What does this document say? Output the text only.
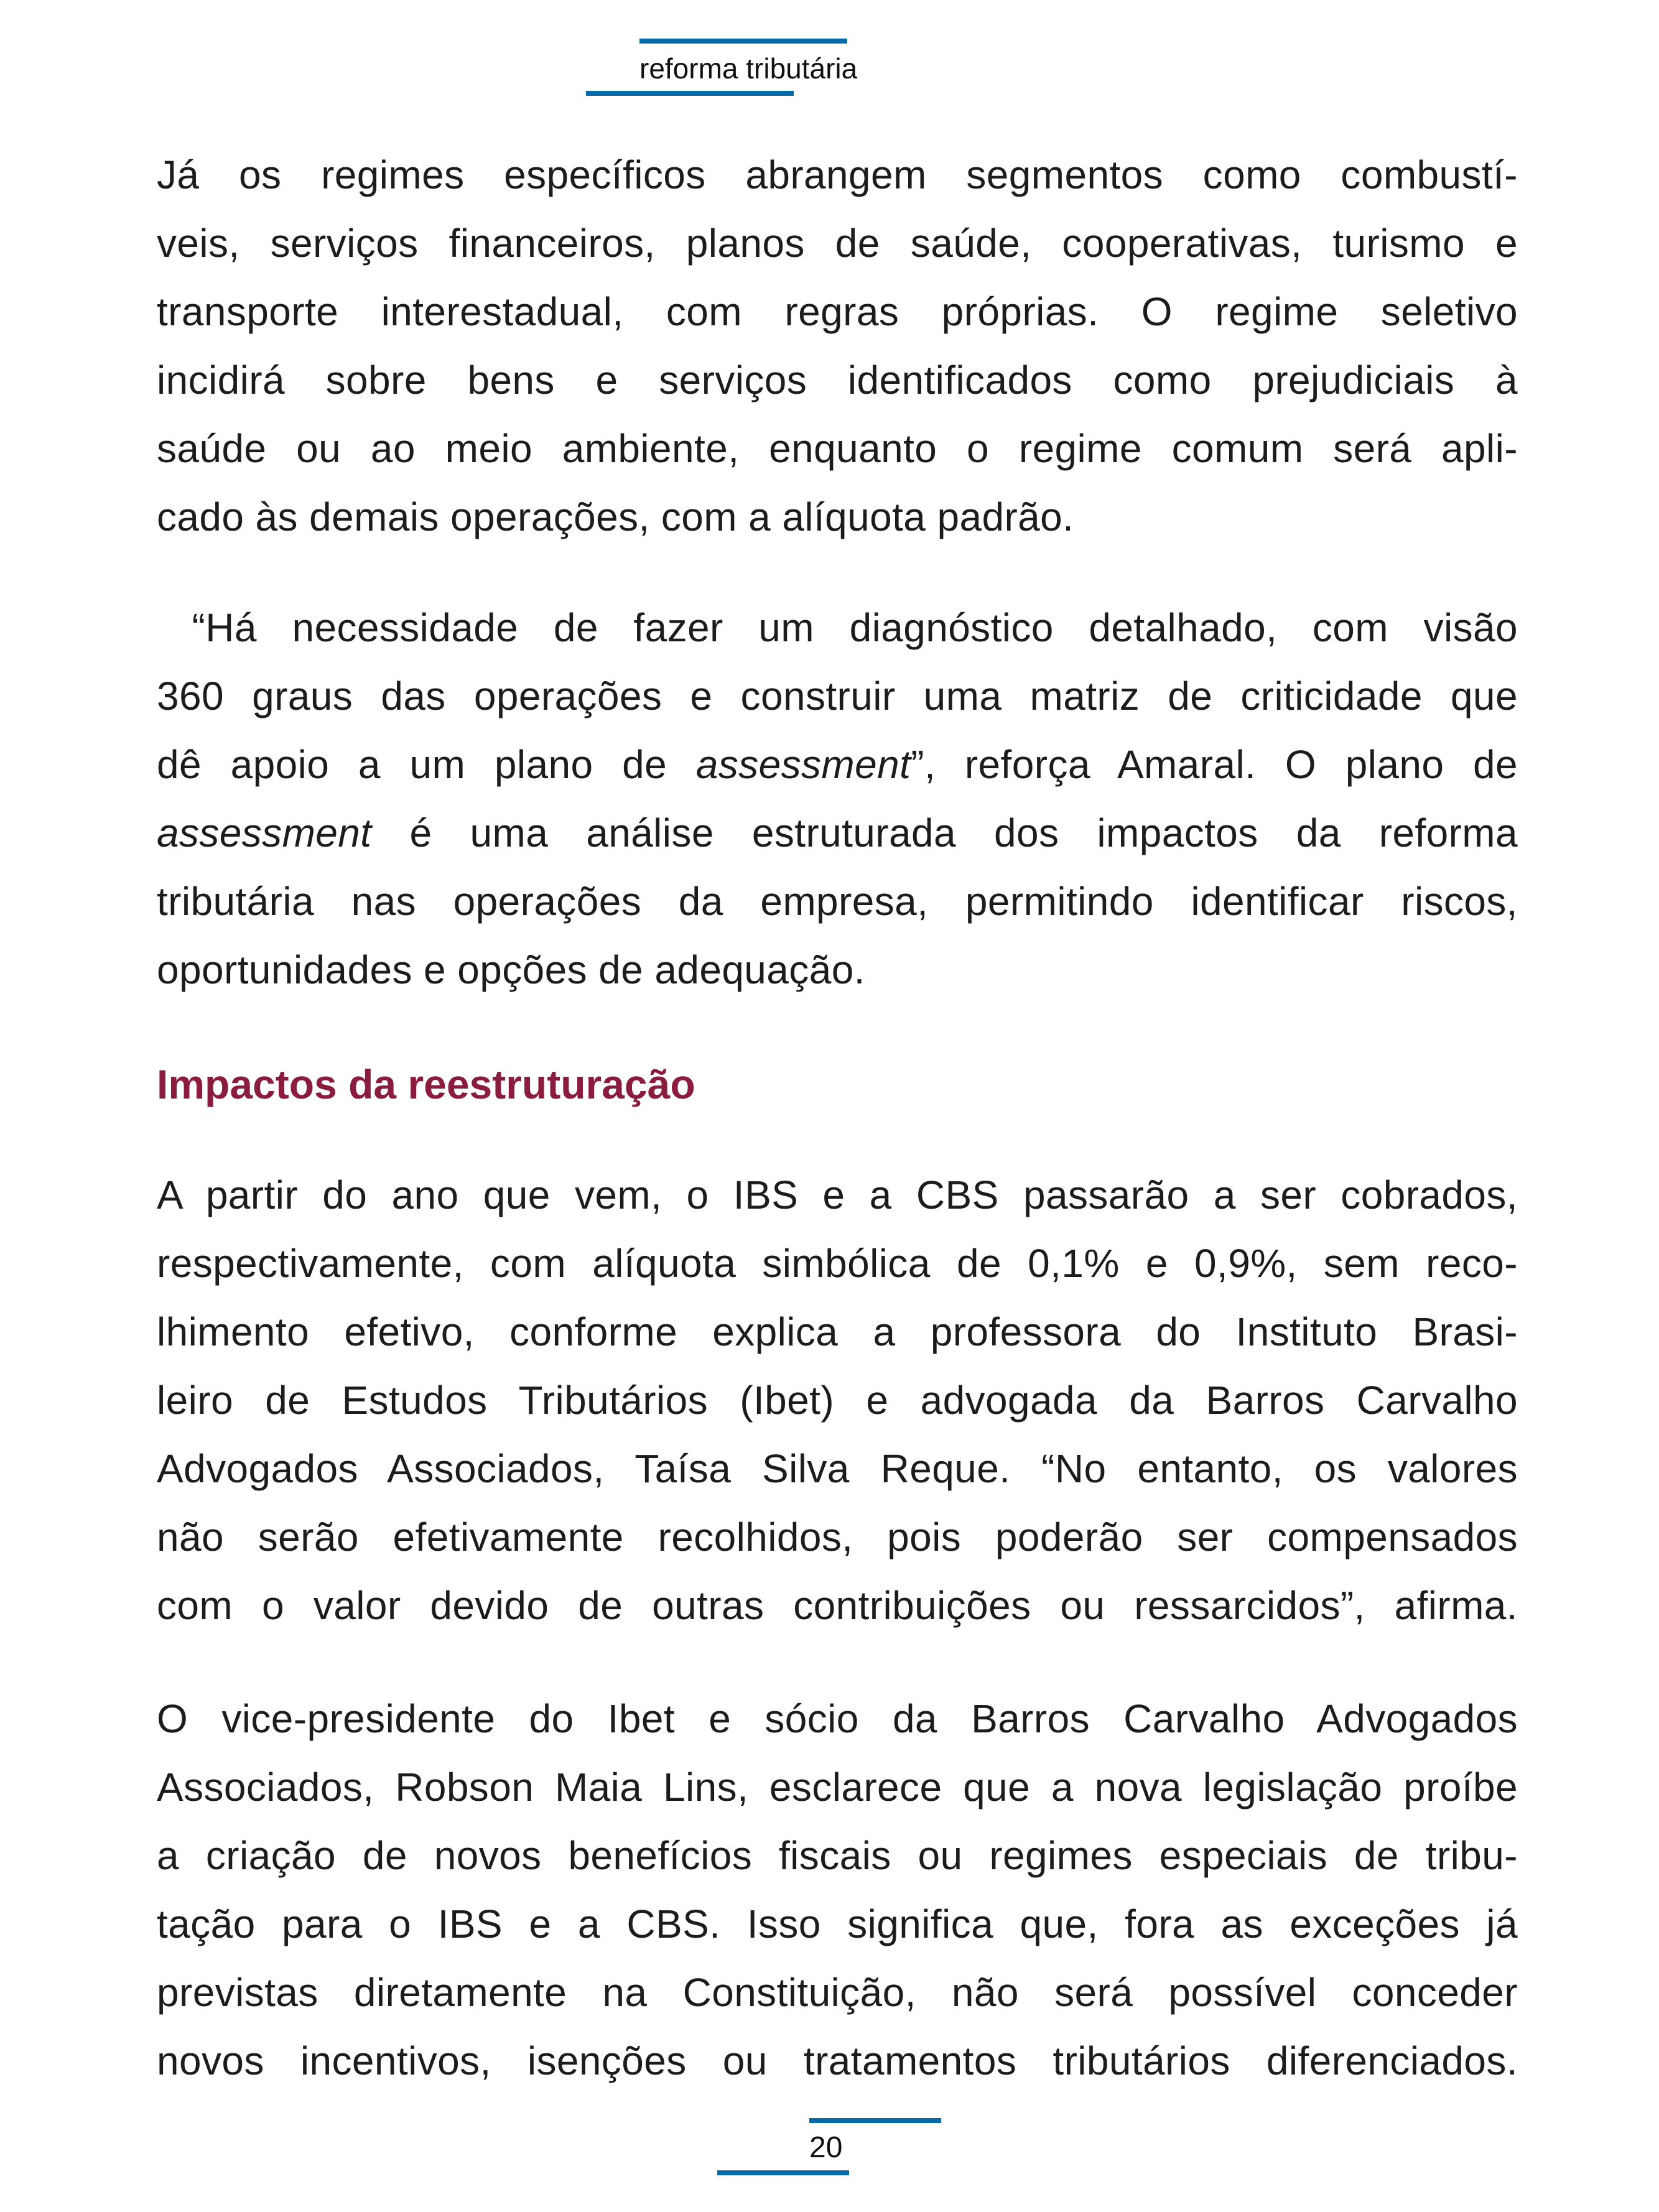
reforma tributária
Já os regimes específicos abrangem segmentos como combustí-
veis, serviços financeiros, planos de saúde, cooperativas, turismo e
transporte interestadual, com regras próprias. O regime seletivo
incidirá sobre bens e serviços identificados como prejudiciais à
saúde ou ao meio ambiente, enquanto o regime comum será apli-
cado às demais operações, com a alíquota padrão.
“Há necessidade de fazer um diagnóstico detalhado, com visão
360 graus das operações e construir uma matriz de criticidade que
dê apoio a um plano de assessment”, reforça Amaral. O plano de
assessment é uma análise estruturada dos impactos da reforma
tributária nas operações da empresa, permitindo identificar riscos,
oportunidades e opções de adequação.
Impactos da reestruturação
A partir do ano que vem, o IBS e a CBS passarão a ser cobrados,
respectivamente, com alíquota simbólica de 0,1% e 0,9%, sem reco-
lhimento efetivo, conforme explica a professora do Instituto Brasi-
leiro de Estudos Tributários (Ibet) e advogada da Barros Carvalho
Advogados Associados, Taísa Silva Reque. “No entanto, os valores
não serão efetivamente recolhidos, pois poderão ser compensados
com o valor devido de outras contribuições ou ressarcidos”, afirma.
O vice-presidente do Ibet e sócio da Barros Carvalho Advogados
Associados, Robson Maia Lins, esclarece que a nova legislação proíbe
a criação de novos benefícios fiscais ou regimes especiais de tribu-
tação para o IBS e a CBS. Isso significa que, fora as exceções já
previstas diretamente na Constituição, não será possível conceder
novos incentivos, isenções ou tratamentos tributários diferenciados.
20
